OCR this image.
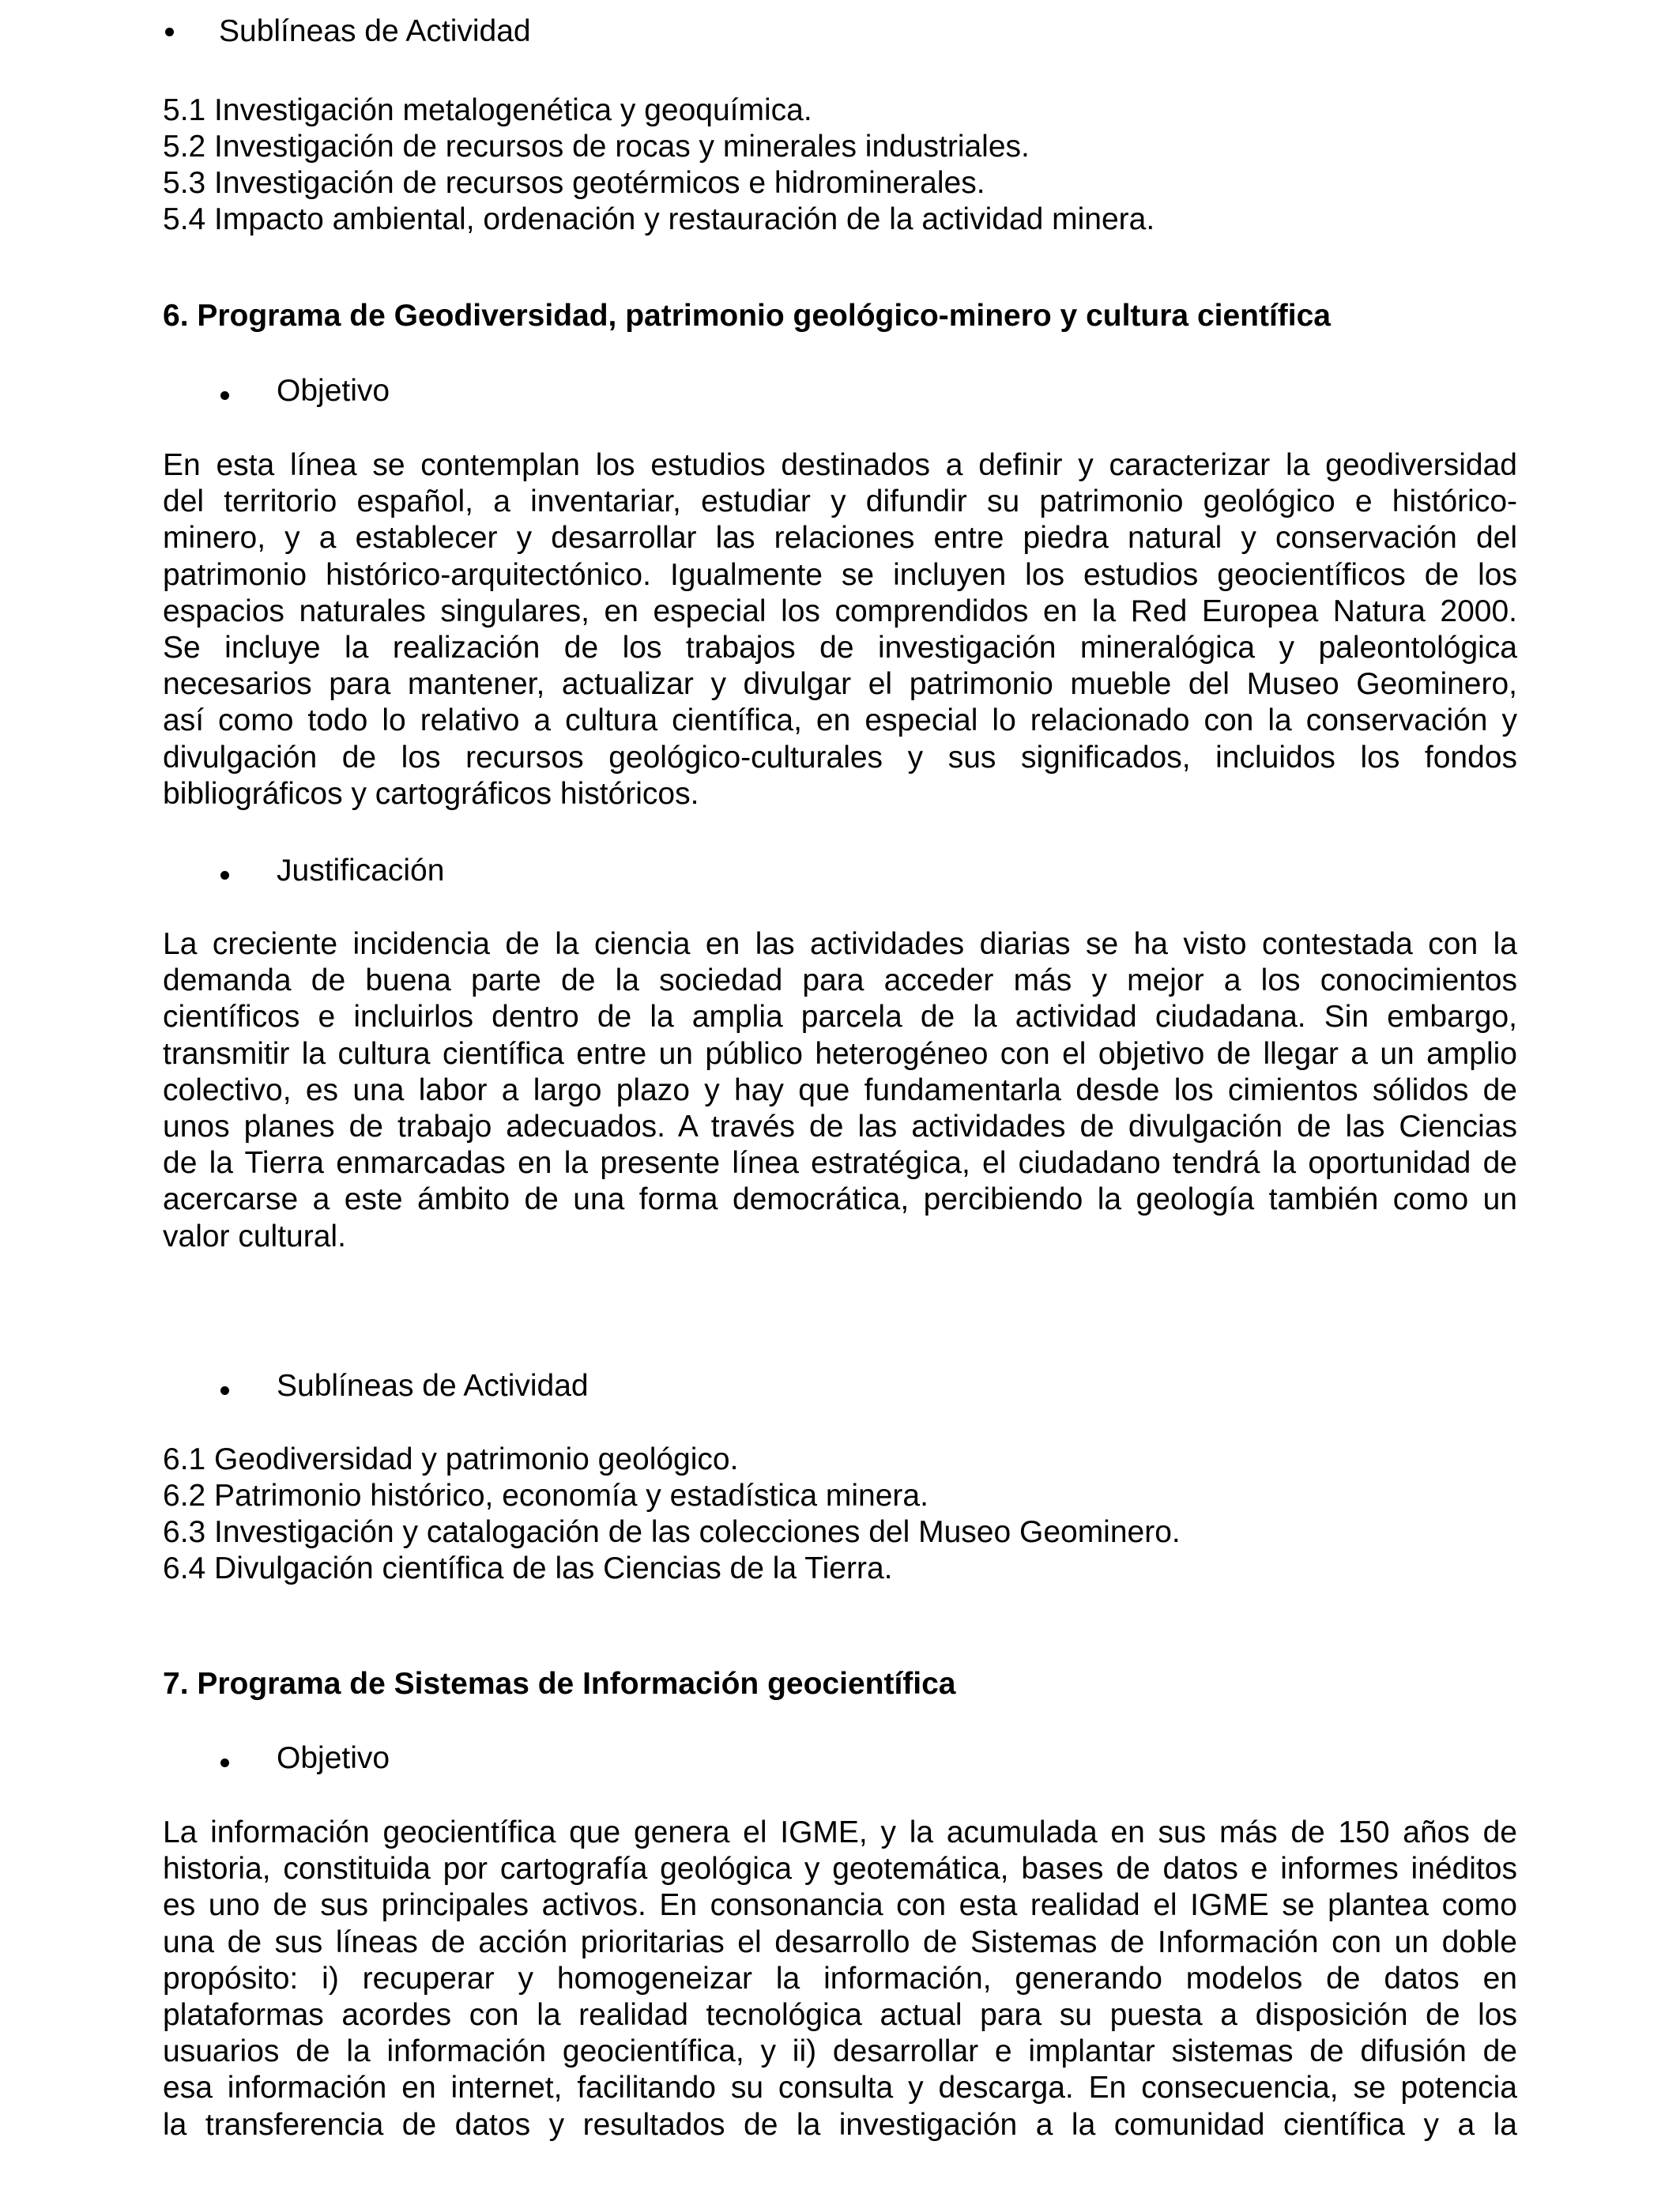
Sublíneas de Actividad
5.1 Investigación metalogenética y geoquímica.
5.2 Investigación de recursos de rocas y minerales industriales.
5.3 Investigación de recursos geotérmicos e hidrominerales.
5.4 Impacto ambiental, ordenación y restauración de la actividad minera.
6. Programa de Geodiversidad, patrimonio geológico-minero y cultura científica
Objetivo
En esta línea se contemplan los estudios destinados a definir y caracterizar la geodiversidad
del territorio español, a inventariar, estudiar y difundir su patrimonio geológico e histórico-
minero, y a establecer y desarrollar las relaciones entre piedra natural y conservación del
patrimonio histórico-arquitectónico. Igualmente se incluyen los estudios geocientíficos de los
espacios naturales singulares, en especial los comprendidos en la Red Europea Natura 2000.
Se incluye la realización de los trabajos de investigación mineralógica y paleontológica
necesarios para mantener, actualizar y divulgar el patrimonio mueble del Museo Geominero,
así como todo lo relativo a cultura científica, en especial lo relacionado con la conservación y
divulgación de los recursos geológico-culturales y sus significados, incluidos los fondos
bibliográficos y cartográficos históricos.
Justificación
La creciente incidencia de la ciencia en las actividades diarias se ha visto contestada con la
demanda de buena parte de la sociedad para acceder más y mejor a los conocimientos
científicos e incluirlos dentro de la amplia parcela de la actividad ciudadana. Sin embargo,
transmitir la cultura científica entre un público heterogéneo con el objetivo de llegar a un amplio
colectivo, es una labor a largo plazo y hay que fundamentarla desde los cimientos sólidos de
unos planes de trabajo adecuados. A través de las actividades de divulgación de las Ciencias
de la Tierra enmarcadas en la presente línea estratégica, el ciudadano tendrá la oportunidad de
acercarse a este ámbito de una forma democrática, percibiendo la geología también como un
valor cultural.
Sublíneas de Actividad
6.1 Geodiversidad y patrimonio geológico.
6.2 Patrimonio histórico, economía y estadística minera.
6.3 Investigación y catalogación de las colecciones del Museo Geominero.
6.4 Divulgación científica de las Ciencias de la Tierra.
7. Programa de Sistemas de Información geocientífica
Objetivo
La información geocientífica que genera el IGME, y la acumulada en sus más de 150 años de
historia, constituida por cartografía geológica y geotemática, bases de datos e informes inéditos
es uno de sus principales activos. En consonancia con esta realidad el IGME se plantea como
una de sus líneas de acción prioritarias el desarrollo de Sistemas de Información con un doble
propósito: i) recuperar y homogeneizar la información, generando modelos de datos en
plataformas acordes con la realidad tecnológica actual para su puesta a disposición de los
usuarios de la información geocientífica, y ii) desarrollar e implantar sistemas de difusión de
esa información en internet, facilitando su consulta y descarga. En consecuencia, se potencia
la transferencia de datos y resultados de la investigación a la comunidad científica y a la
